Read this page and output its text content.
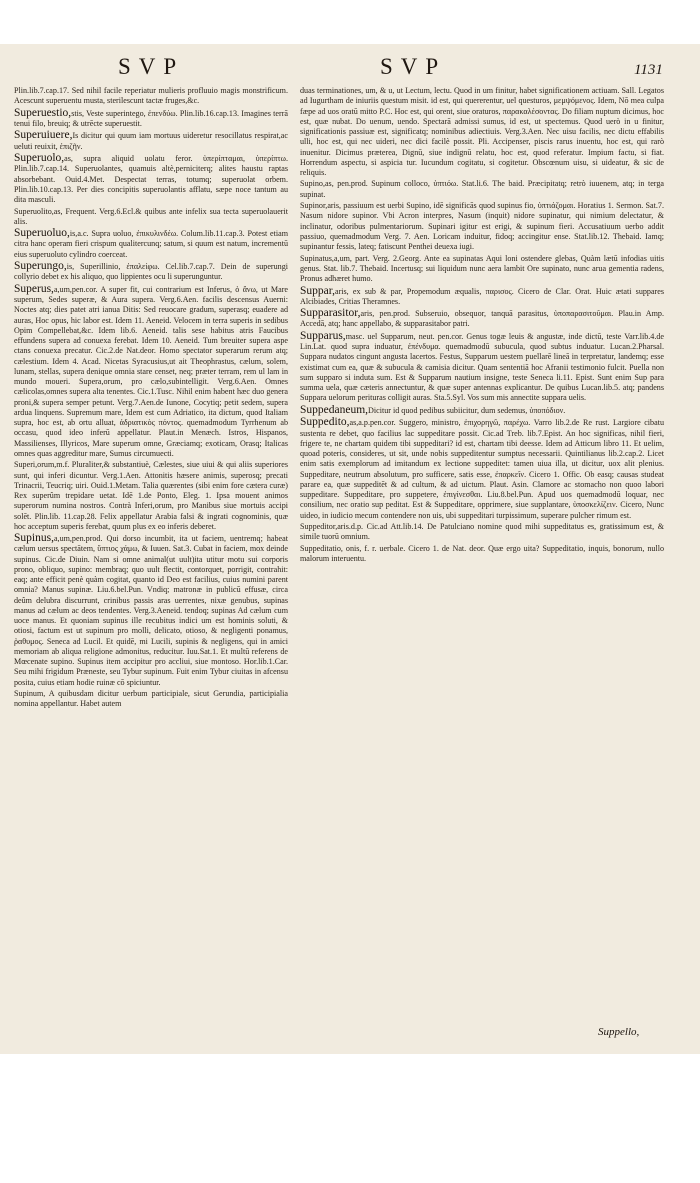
SVP	SVP	1131

Plin.lib.7.cap.17. Sed nihil facile reperiatur mulieris profluuio magis monstrificum. Acescunt superuentu musta, sterilescunt tactæ fruges,&c.

Superuestio,stis, Veste superintego, ἐπενδύω. Plin.lib.16.cap.13. Imagines terrā tenui filo, breuiq; & utrēcte superuestit.

Superuiuere,Is dicitur qui quum iam mortuus uideretur resocillatus respirat,ac ueluti reuixit, ἐπιζῆν.

Superuolo,as, supra aliquid uolatu feror. ὑπερίπταμαι, ὑπερίπτω. Plin.lib.7.cap.14. Superuolantes, quamuis altè,perniciterq; alites haustu raptas absorbebant. Ouid.4.Met. Despectat terras, totumq; superuolat orbem. Plin.lib.10.cap.13. Per dies concipitis superuolantis afflatu, sæpe noce tantum au dita masculi.

Superuolito,as, Frequent. Verg.6.Ecl.& quibus ante infelix sua tecta superuolauerit alis.

Superuoluo,is,a.c. Supra uoluo, ἐπικυλινδέω. Colum.lib.11.cap.3. Potest etiam citra hanc operam fieri crispum qualitercunq; satum, si quum est natum, incrementū eius superuoluto cylindro coerceat.

Superungo,is, Superillinio, ἐπαλείφω. Cel.lib.7.cap.7. Dein de superungi collyrio debet ex his aliquo, quo lippientes ocu li superunguntur.

Superus,a,um,pen.cor. A super fit, cui contrarium est Inferus, ὁ ἄνω, ut Mare superum, Sedes superæ, & Aura supera. Verg.6.Aen. facilis descensus Auerni: Noctes atq; dies patet atri ianua Ditis: Sed reuocare gradum, superasq; euadere ad auras, Hoc opus, hic labor est. Idem 11. Aeneid. Velocem in terra superis in sedibus Opim Compellebat,&c. Idem lib.6. Aeneid. talis sese habitus atris Faucibus effundens supera ad conuexa ferebat. Idem 10. Aeneid. Tum breuiter supera aspe ctans conuexa precatur. Cic.2.de Nat.deor. Homo spectator superarum rerum atq; cælestium. Idem 4. Acad. Nicetas Syracusius,ut ait Theophrastus, cælum, solem, lunam, stellas, supera denique omnia stare censet, neq; præter terram, rem ul lam in mundo moueri. Supera,orum, pro cælo,subintelligit. Verg.6.Aen. Omnes cælicolas,omnes supera alta tenentes. Cic.1.Tusc. Nihil enim habent hæc duo genera proni,& supera semper petunt. Verg.7.Aen.de Iunone, Cocytiq; petit sedem, supera ardua linquens. Supremum mare, Idem est cum Adriatico, ita dictum, quod Italiam supra, hoc est, ab ortu alluat, ἀδριατικὸς πόντος. quemadmodum Tyrrhenum ab occasu, quod ideo inferū appellatur. Plaut.in Menæch. Istros, Hispanos, Massilienses, Illyricos, Mare superum omne, Græciamq; exoticam, Orasq; Italicas omnes quas aggreditur mare, Sumus circumuecti.

Superi,orum,m.f. Pluraliter,& substantiuè, Cælestes, siue uiui & qui aliis superiores sunt, qui inferi dicuntur. Verg.1.Aen. Attonitis hæsere animis, superosq; precati Trinacrii, Teucriq; uiri. Ouid.1.Metam. Talia quærentes (sibi enim fore cætera curæ) Rex superûm trepidare uetat. Idē 1.de Ponto, Eleg. 1. Ipsa mouent animos superorum numina nostros. Contrà Inferi,orum, pro Manibus siue mortuis accipi solēt. Plin.lib. 11.cap.28. Felix appellatur Arabia falsi & ingrati cognominis, quæ hoc acceptum superis ferebat, quum plus ex eo inferis deberet.

Supinus,a,um,pen.prod. Qui dorso incumbit, ita ut faciem, uentremq; habeat cælum uersus spectātem, ὕπτιος χάμω, & Iuuen. Sat.3. Cubat in faciem, mox deinde supinus. Cic.de Diuin. Nam si omne animal(ut uult)ita utitur motu sui corporis prono, obliquo, supino: membraq; quo uult flectit, contorquet, porrigit, contrahit: eaq; ante efficit penè quàm cogitat, quanto id Deo est facilius, cuius numini parent omnia? Manus supinæ. Liu.6.bel.Pun. Vndiq; matronæ in publicū effusæ, circa deûm delubra discurrunt, crinibus passis aras uerrentes, nixæ genubus, supinas manus ad cælum ac deos tendentes. Verg.3.Aeneid. tendoq; supinas Ad cælum cum uoce manus. Et quoniam supinus ille recubitus indici um est hominis soluti, & otiosi, factum est ut supinum pro molli, delicato, otioso, & negligenti ponamus, ῥαθυμος. Seneca ad Lucil. Et quidē, mi Lucili, supinis & negligens, qui in amici memoriam ab aliqua religione admonitus, reducitur. Iuu.Sat.1. Et multū referens de Mœcenate supino. Supinus item accipitur pro accliui, siue montoso. Hor.lib.1.Car. Seu mihi frigidum Præneste, seu Tybur supinum. Fuit enim Tybur ciuitas in afcensu posita, cuius etiam hodie ruinæ cō spiciuntur.

Supinum, A quibusdam dicitur uerbum participiale, sicut Gerundia, participialia nomina appellantur. Habet autem

duas terminationes, um, & u, ut Lectum, lectu. Quod in um finitur, habet significationem actiuam. Sall. Legatos ad Iugurtham de iniuriis questum misit. id est, qui quererentur, uel questuros, μεμψόμενος. Idem, Nō mea culpa fæpe ad uos oratū mitto P.C. Hoc est, qui orent, siue oraturos, παρακαλέσοντας. Do filiam nuptum dicimus, hoc est, quæ nubat. Do uenum, uendo. Spectarā admissi sumus, id est, ut spectemus. Quod uerò in u finitur, significationis passiuæ est, significatq; nominibus adiectiuis. Verg.3.Aen. Nec uisu facilis, nec dictu effabilis ulli, hoc est, qui nec uideri, nec dici facilè possit. Pli. Accipenser, piscis rarus inuentu, hoc est, qui rarò inuenitur. Dicimus præterea, Dignū, siue indignū relatu, hoc est, quod referatur. Impium factu, si fiat. Horrendum aspectu, si aspicia tur. Iucundum cogitatu, si cogitetur. Obscœnum uisu, si uideatur, & sic de reliquis.

Supino,as, pen.prod. Supinum colloco, ὑπτιόω. Stat.li.6. The baid. Præcipitatq; retrò iuuenem, atq; in terga supinat.

Supinor,aris, passiuum est uerbi Supino, idē significās quod supinus fio, ὑπτιάζομαι. Horatius 1. Sermon. Sat.7. Nasum nidore supinor. Vbi Acron interpres, Nasum (inquit) nidore supinatur, qui nimium delectatur, & inclinatur, odoribus pulmentariorum. Supinari igitur est erigi, & supinum fieri. Accusatiuum uerbo addit passiuo, quemadmodum Verg. 7. Aen. Loricam induitur, fidoq; accingitur ense. Stat.lib.12. Thebaid. Iamq; supinantur fessis, lateq; fatiscunt Penthei deuexa iugi.

Supinatus,a,um, part. Verg. 2.Georg. Ante ea supinatas Aqui loni ostendere glebas, Quàm lætū infodias uitis genus. Stat. lib.7. Thebaid. Incertusq; sui liquidum nunc aera lambit Ore supinato, nunc arua gementia radens, Pronus adhæret humo.

Suppar,aris, ex sub & par, Propemodum æqualis, παρισος. Cicero de Clar. Orat. Huic ætati suppares Alcibiades, Critias Theramnes.

Supparasitor,aris, pen.prod. Subseruio, obsequor, tanquā parasitus, ὑποπαρασιτοῦμαι. Plau.in Amp. Accedā, atq; hanc appellabo, & supparasitabor patri.

Supparus,masc. uel Supparum, neut. pen.cor. Genus togæ leuis & angustæ, inde dictū, teste Varr.lib.4.de Lin.Lat. quod supra induatur, ἐπένδυμα. quemadmodū subucula, quod subtus induatur. Lucan.2.Pharsal. Suppara nudatos cingunt angusta lacertos. Festus, Supparum uestem puellarē lineā in terpretatur, landemq; esse existimat cum ea, quæ & subucula & camisia dicitur. Quam sententiā hoc Afranii testimonio fulcit. Puella non sum supparo si induta sum. Est & Supparum nautium insigne, teste Seneca li.11. Epist. Sunt enim Sup para summa uela, quæ cæteris annectuntur, & quæ super antennas explicantur. De quibus Lucan.lib.5. atq; pandens Suppara uelorum perituras colligit auras. Sta.5.Syl. Vos sum mis annectite suppara uelis.

Suppedaneum,Dicitur id quod pedibus subiicitur, dum sedemus, ὑποπόδιον.

Suppedito,as,a.p.pen.cor. Suggero, ministro, ἐπιχορηγῶ, παρέχω. Varro lib.2.de Re rust. Largiore cibatu sustenta re debet, quo facilius lac suppeditare possit. Cic.ad Treb. lib.7.Epist. An hoc significas, nihil fieri, frigere te, ne chartam quidem tibi suppeditari? id est, chartam tibi deesse. Idem ad Atticum libro 11. Et uelim, quoad poteris, consideres, ut sit, unde nobis suppeditentur sumptus necessarii. Quintilianus lib.2.cap.2. Licet enim satis exemplorum ad imitandum ex lectione suppeditet: tamen uiua illa, ut dicitur, uox alit plenius. Suppeditare, neutrum absolutum, pro sufficere, satis esse, ἐπαρκεῖν. Cicero 1. Offic. Ob easq; causas studeat parare ea, quæ suppeditēt & ad cultum, & ad uictum. Plaut. Asin. Clamore ac stomacho non quoo labori suppeditare. Suppeditare, pro suppetere, ἐπιγίνεσθαι. Liu.8.bel.Pun. Apud uos quemadmodū loquar, nec consilium, nec oratio sup peditat. Est & Suppeditare, opprimere, siue supplantare, ὑποσκελίζειν. Cicero, Nunc uideo, in iudicio mecum contendere non uis, ubi suppeditari turpissimum, superare pulcher rimum est.

Suppeditor,aris.d.p. Cic.ad Att.lib.14. De Patulciano nomine quod mihi suppeditatus es, gratissimum est, & simile tuorū omnium.

Suppeditatio, onis, f. r. uerbale. Cicero 1. de Nat. deor. Quæ ergo uita? Suppeditatio, inquis, bonorum, nullo malorum interuentu.

Suppello,
